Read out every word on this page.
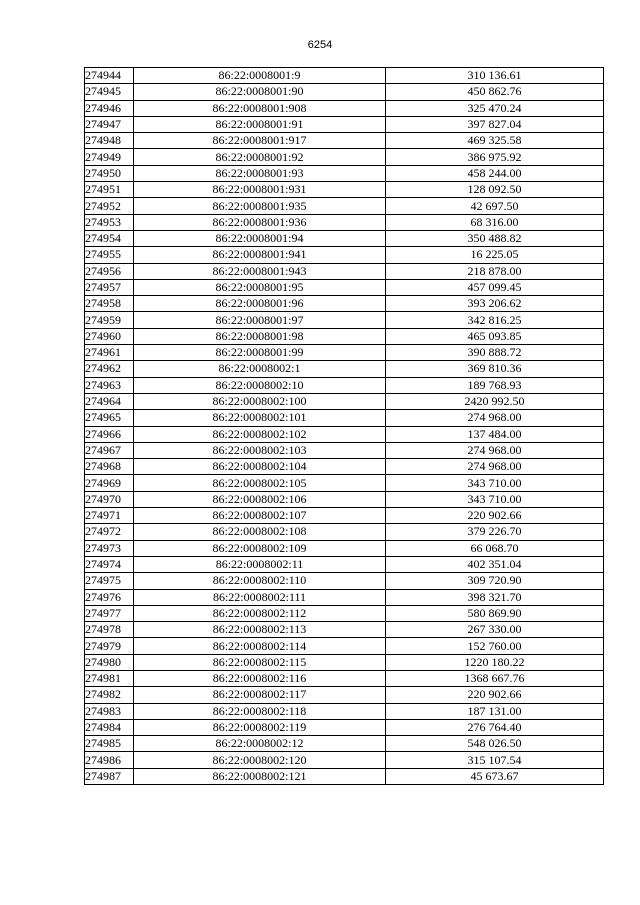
6254
274944	86:22:0008001:9	310 136.61
274945	86:22:0008001:90	450 862.76
274946	86:22:0008001:908	325 470.24
274947	86:22:0008001:91	397 827.04
274948	86:22:0008001:917	469 325.58
274949	86:22:0008001:92	386 975.92
274950	86:22:0008001:93	458 244.00
274951	86:22:0008001:931	128 092.50
274952	86:22:0008001:935	42 697.50
274953	86:22:0008001:936	68 316.00
274954	86:22:0008001:94	350 488.82
274955	86:22:0008001:941	16 225.05
274956	86:22:0008001:943	218 878.00
274957	86:22:0008001:95	457 099.45
274958	86:22:0008001:96	393 206.62
274959	86:22:0008001:97	342 816.25
274960	86:22:0008001:98	465 093.85
274961	86:22:0008001:99	390 888.72
274962	86:22:0008002:1	369 810.36
274963	86:22:0008002:10	189 768.93
274964	86:22:0008002:100	2420 992.50
274965	86:22:0008002:101	274 968.00
274966	86:22:0008002:102	137 484.00
274967	86:22:0008002:103	274 968.00
274968	86:22:0008002:104	274 968.00
274969	86:22:0008002:105	343 710.00
274970	86:22:0008002:106	343 710.00
274971	86:22:0008002:107	220 902.66
274972	86:22:0008002:108	379 226.70
274973	86:22:0008002:109	66 068.70
274974	86:22:0008002:11	402 351.04
274975	86:22:0008002:110	309 720.90
274976	86:22:0008002:111	398 321.70
274977	86:22:0008002:112	580 869.90
274978	86:22:0008002:113	267 330.00
274979	86:22:0008002:114	152 760.00
274980	86:22:0008002:115	1220 180.22
274981	86:22:0008002:116	1368 667.76
274982	86:22:0008002:117	220 902.66
274983	86:22:0008002:118	187 131.00
274984	86:22:0008002:119	276 764.40
274985	86:22:0008002:12	548 026.50
274986	86:22:0008002:120	315 107.54
274987	86:22:0008002:121	45 673.67
